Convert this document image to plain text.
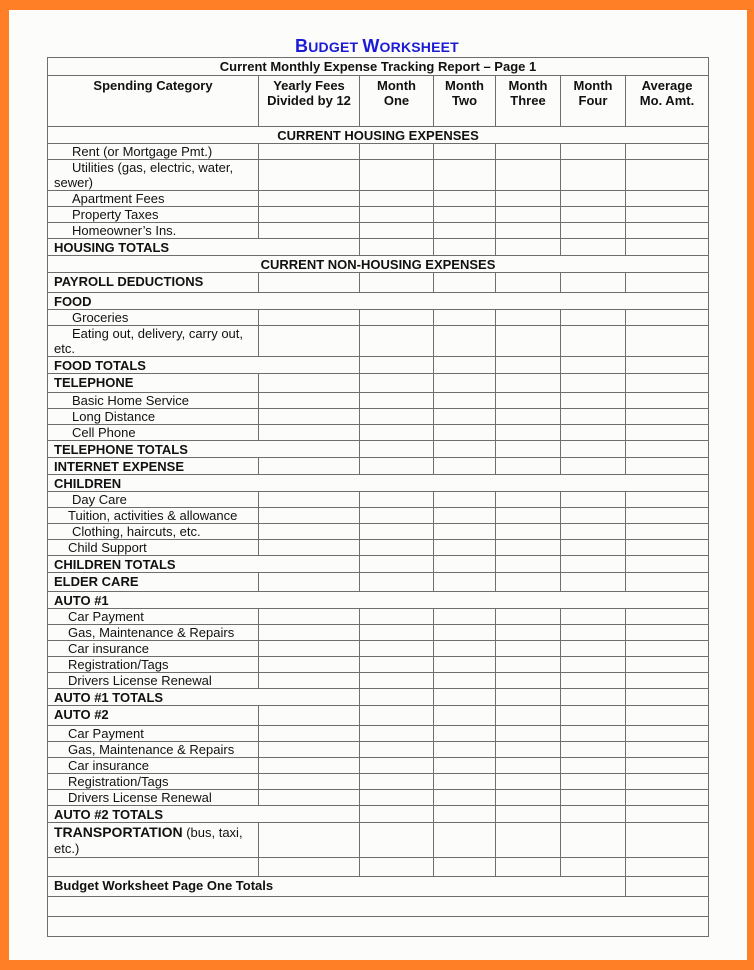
BUDGET WORKSHEET
Current Monthly Expense Tracking Report – Page 1						
Spending Category	Yearly Fees Divided by 12	Month One	Month Two	Month Three	Month Four	Average Mo. Amt.
CURRENT HOUSING EXPENSES						
Rent (or Mortgage Pmt.)						
Utilities (gas, electric, water, sewer)						
Apartment Fees						
Property Taxes						
Homeowner’s Ins.						
HOUSING TOTALS						
CURRENT NON-HOUSING EXPENSES						
PAYROLL DEDUCTIONS						
FOOD						
Groceries						
Eating out, delivery, carry out, etc.						
FOOD TOTALS						
TELEPHONE						
Basic Home Service						
Long Distance						
Cell Phone						
TELEPHONE TOTALS						
INTERNET EXPENSE						
CHILDREN						
Day Care						
Tuition, activities & allowance						
Clothing, haircuts, etc.						
Child Support						
CHILDREN TOTALS						
ELDER CARE						
AUTO #1						
Car Payment						
Gas, Maintenance & Repairs						
Car insurance						
Registration/Tags						
Drivers License Renewal						
AUTO #1 TOTALS						
AUTO #2						
Car Payment						
Gas, Maintenance & Repairs						
Car insurance						
Registration/Tags						
Drivers License Renewal						
AUTO #2 TOTALS						
TRANSPORTATION (bus, taxi, etc.)						

Budget Worksheet Page One Totals						
